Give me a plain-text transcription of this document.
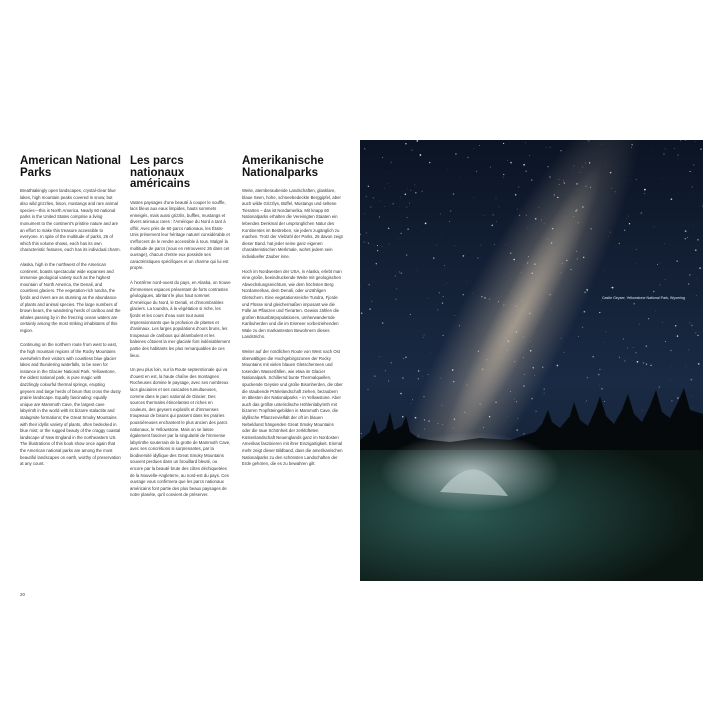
American National Parks

Breathtakingly open landscapes, crystal-clear blue lakes, high mountain peaks covered in snow, but also wild grizzlies, bison, mustangs and rare animal species—this is North America. Nearly 60 national parks in the United States comprise a living monument to the continent's pristine nature and are an effort to make this treasure accessible to everyone. In spite of the multitude of parks, 26 of which this volume shows, each has its own characteristic features, each has its individual charm.

Alaska, high in the northwest of the American continent, boasts spectacular wide expanses and immense geological variety such as the highest mountain of North America, the Denali, and countless glaciers. The vegetation-rich tundra, the fjords and rivers are as stunning as the abundance of plants and animal species. The large numbers of brown bears, the wandering herds of caribou and the whales passing by in the freezing ocean waters are certainly among the most striking inhabitants of this region.

Continuing on the northern route from west to east, the high mountain regions of the Rocky Mountains overwhelm their visitors with countless blue glacier lakes and thundering waterfalls, to be seen for instance in the Glacier National Park. Yellowstone, the oldest national park, is pure magic with dazzlingly colourful thermal springs, erupting geysers and large herds of bison that cross the dusty prairie landscape. Equally fascinating: equally unique are Mammoth Cave, the largest cave labyrinth in the world with its bizarre stalactite and stalagmite formations; the Great Smoky Mountains with their idyllic variety of plants, often bedecked in blue mist; or the rugged beauty of the craggy coastal landscape of New England in the northeastern US. The illustrations of this book show once again that the American national parks are among the most beautiful landscapes on earth, worthy of preservation at any count.

Les parcs nationaux américains

Vastes paysages d'une beauté à couper le souffle, lacs bleus aux eaux limpides, hauts sommets enneigés, mais aussi grizzlis, buffles, mustangs et divers animaux rares : l'Amérique du Nord a tant à offrir. Avec près de 60 parcs nationaux, les États-Unis préservent leur héritage naturel considérable et s'efforcent de le rendre accessible à tous. Malgré la multitude de parcs (nous en retrouverez 26 dans cet ouvrage), chacun d'entre eux possède ses caractéristiques spécifiques et un charme qui lui est propre.

À l'extrême nord-ouest du pays, en Alaska, on trouve d'immenses espaces présentant de forts contrastes géologiques, abritant le plus haut sommet d'Amérique du Nord, le Denali, et d'innombrables glaciers. La toundra, à la végétation si riche, les fjords et les cours d'eau sont tout aussi impressionnants que la profusion de plantes et d'animaux. Les larges populations d'ours bruns, les troupeaux de caribous qui déambulent et les baleines côtoient la mer glaciale font indéniablement partie des habitants les plus remarquables de ces lieux.

Un peu plus loin, sur la Route septentrionale qui va d'ouest en est, la haute chaîne des montagnes Rocheuses domine le paysage, avec ses nombreux lacs glaciaires et ses cascades tumultueuses, comme dans le parc national de Glacier. Des sources thermales étincelantes et riches en couleurs, des geysers explosifs et d'immenses troupeaux de bisons qui passent dans les prairies poussiéreuses enchantent le plus ancien des parcs nationaux, le Yellowstone. Mais on se laisse également fasciner par la singularité de l'immense labyrinthe souterrain de la grotte de Mammoth Cave, avec ses concrétions si surprenantes, par la biodiversité idyllique des Great Smoky Mountains souvent perdues dans un brouillard bleuté, ou encore par la beauté brute des côtes déchiquetées de la Nouvelle-Angleterre, au nord-est du pays. Ces ouvrage vous confirmera que les parcs nationaux américains font partie des plus beaux paysages de notre planète, qu'il convient de préserver.

Amerikanische Nationalparks

Weite, atemberaubende Landschaften, glasklare, blaue Seen, hohe, schneebedeckte Berggipfel, aber auch wilde Grizzlys, Büffel, Mustangs und seltene Tierarten – das ist Nordamerika. Mit knapp 60 Nationalparks erhalten die Vereinigten Staaten ein lebendes Denkmal der ursprünglichen Natur des Kontinentes im Bestreben, sie jedem zugänglich zu machen. Trotz der Vielzahl der Parks, 26 davon zeigt dieser Band, hat jeder seine ganz eigenen charakteristischen Merkmale, wohnt jedem sein individueller Zauber inne.

Hoch im Nordwesten der USA, in Alaska, erlebt man eine große, beeindruckende Weite mit geologischen Abwechslungsreichtum, wie dem höchsten Berg Nordamerikas, dem Denali, oder unzähligen Gletschern. Eine vegetationsreiche Tundra, Fjorde und Flüsse sind gleichermaßen imposant wie die Fülle an Pflanzen und Tierarten. Gewiss zählen die großen Braunbärpopulationen, umherwandernde Karibuherden und die im Eismeer vorbeiziehenden Wale zu den markantesten Bewohnern dieses Landstrichs.

Weiter auf der nördlichen Route von West nach Ost überwältigen die Hochgebirgszonen der Rocky Mountains mit vielen blauen Gletscherseen und tosenden Wasserfällen, wie etwa im Glacier Nationalpark. Schillernd bunte Thermalquellen, spuckende Geysire und große Bisonherden, die über die staubende Prärielandschaft ziehen, bezaubern im ältesten der Nationalparks – in Yellowstone. Aber auch das größte unterirdische Höhlenlabyrinth mit bizarren Tropfsteingebilden in Mammoth Cave, die idyllische Pflanzenvielfalt der oft im blauen Nebeldunst hängenden Great Smoky Mountains oder die raue Schönheit der zerklüfteten Küstenlandschaft Neuenglands ganz im Nordosten Amerikas faszinieren mit ihrer Einzigartigkeit. Einmal mehr zeigt dieser Bildband, dass die amerikanischen Nationalparks zu den schönsten Landschaften der Erde gehören, die es zu bewahren gilt.

20
Castle Geyser, Yellowstone National Park, Wyoming
